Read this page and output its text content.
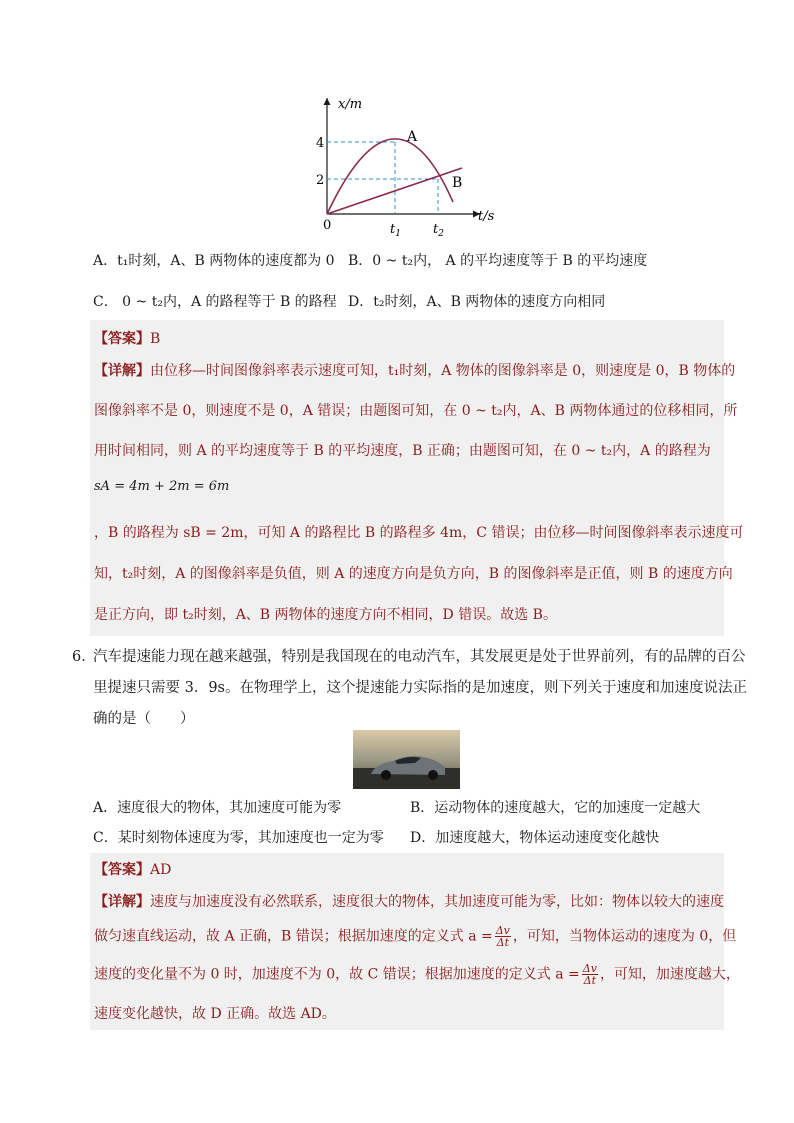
x/m
t/s
0
4
2
$t_1$ $t_2$
A
B
A．t₁时刻，A、B 两物体的速度都为 0 B．0 ~ t₂内， A 的平均速度等于 B 的平均速度
C． 0 ~ t₂内，A 的路程等于 B 的路程 D．t₂时刻，A、B 两物体的速度方向相同
【答案】B
【详解】由位移—时间图像斜率表示速度可知，t₁时刻，A 物体的图像斜率是 0，则速度是 0，B 物体的
图像斜率不是 0，则速度不是 0，A 错误；由题图可知，在 0 ~ t₂内，A、B 两物体通过的位移相同，所
用时间相同，则 A 的平均速度等于 B 的平均速度，B 正确；由题图可知，在 0 ~ t₂内，A 的路程为
sA = 4m + 2m = 6m
，B 的路程为 sB = 2m，可知 A 的路程比 B 的路程多 4m，C 错误；由位移—时间图像斜率表示速度可
知，t₂时刻，A 的图像斜率是负值，则 A 的速度方向是负方向，B 的图像斜率是正值，则 B 的速度方向
是正方向，即 t₂时刻，A、B 两物体的速度方向不相同，D 错误。故选 B。
6．
汽车提速能力现在越来越强，特别是我国现在的电动汽车，其发展更是处于世界前列，有的品牌的百公
里提速只需要 3．9s。在物理学上，这个提速能力实际指的是加速度，则下列关于速度和加速度说法正
确的是（　　）
A．速度很大的物体，其加速度可能为零	B．运动物体的速度越大，它的加速度一定越大
C．某时刻物体速度为零，其加速度也一定为零 D．加速度越大，物体运动速度变化越快
【答案】AD
【详解】速度与加速度没有必然联系，速度很大的物体，其加速度可能为零，比如：物体以较大的速度
做匀速直线运动，故 A 正确，B 错误；根据加速度的定义式 $a = \frac{\Delta v}{\Delta t}$ ，可知，当物体运动的速度为 0，但
速度的变化量不为 0 时，加速度不为 0，故 C 错误；根据加速度的定义式 $a = \frac{\Delta v}{\Delta t}$ ，可知，加速度越大，
速度变化越快，故 D 正确。故选 AD。
